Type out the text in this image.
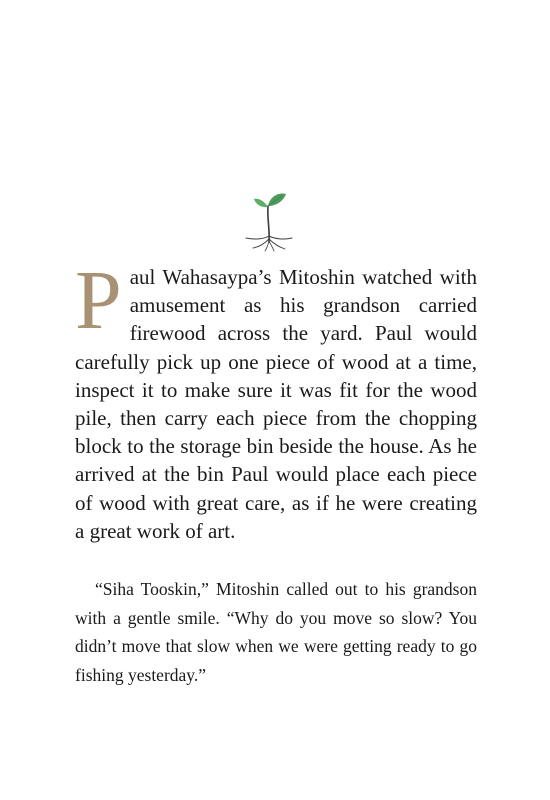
Paul Wahasaypa’s Mitoshin watched with amusement as his grandson carried firewood across the yard. Paul would carefully pick up one piece of wood at a time, inspect it to make sure it was fit for the wood pile, then carry each piece from the chopping block to the storage bin beside the house. As he arrived at the bin Paul would place each piece of wood with great care, as if he were creating a great work of art.

“Siha Tooskin,” Mitoshin called out to his grandson with a gentle smile. “Why do you move so slow? You didn’t move that slow when we were getting ready to go fishing yesterday.”
